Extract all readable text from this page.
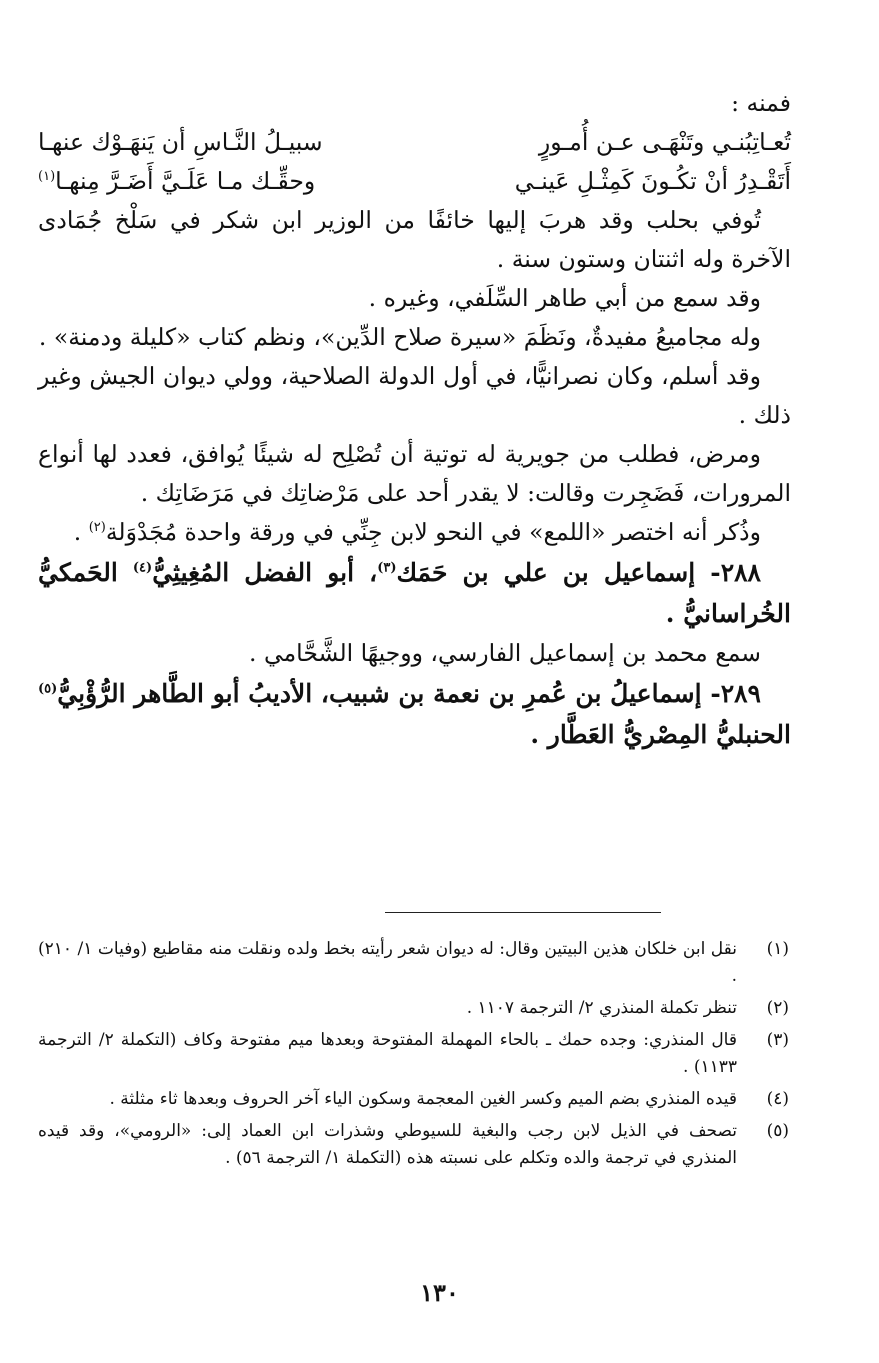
فمنه :

تُعـاتِبُنـي وتَنْهَـى عـن أُمـورٍ
سبيـلُ النَّـاسِ أن يَنهَـوْك عنهـا
أَتَقْـدِرُ أنْ تكُـونَ كَمِثْـلِ عَينـي
وحقِّـك مـا عَلَـيَّ أَضَـرَّ مِنهـا$^{(١)}$

تُوفي بحلب وقد هربَ إليها خائفًا من الوزير ابن شكر في سَلْخ جُمَادى الآخرة وله اثنتان وستون سنة .

وقد سمع من أبي طاهر السِّلَفي، وغيره .

وله مجاميعُ مفيدةٌ، ونَظَمَ «سيرة صلاح الدِّين»، ونظم كتاب «كليلة ودمنة» .

وقد أسلم، وكان نصرانيًّا، في أول الدولة الصلاحية، وولي ديوان الجيش وغير ذلك .

ومرض، فطلب من جويرية له توتية أن تُصْلِح له شيئًا يُوافق، فعدد لها أنواع المرورات، فَضَجِرت وقالت: لا يقدر أحد على مَرْضاتِك في مَرَضَاتِك .

وذُكر أنه اختصر «اللمع» في النحو لابن جِنِّي في ورقة واحدة مُجَدْوَلة$^{(٢)}$ .

٢٨٨- إسماعيل بن علي بن حَمَك$^{(٣)}$، أبو الفضل المُغِيثِيُّ$^{(٤)}$ الحَمكيُّ الخُراسانيُّ .

سمع محمد بن إسماعيل الفارسي، ووجيهًا الشَّحَّامي .

٢٨٩- إسماعيلُ بن عُمرِ بن نعمة بن شبيب، الأديبُ أبو الطَّاهر الرُّؤْبِيُّ$^{(٥)}$ الحنبليُّ المِصْريُّ العَطَّار .

(١)
نقل ابن خلكان هذين البيتين وقال: له ديوان شعر رأيته بخط ولده ونقلت منه مقاطيع (وفيات ١/ ٢١٠) .
(٢)
تنظر تكملة المنذري ٢/ الترجمة ١١٠٧ .
(٣)
قال المنذري: وجده حمك ـ بالحاء المهملة المفتوحة وبعدها ميم مفتوحة وكاف (التكملة ٢/ الترجمة ١١٣٣) .
(٤)
قيده المنذري بضم الميم وكسر الغين المعجمة وسكون الياء آخر الحروف وبعدها ثاء مثلثة .
(٥)
تصحف في الذيل لابن رجب والبغية للسيوطي وشذرات ابن العماد إلى: «الرومي»، وقد قيده المنذري في ترجمة والده وتكلم على نسبته هذه (التكملة ١/ الترجمة ٥٦) .
١٣٠
